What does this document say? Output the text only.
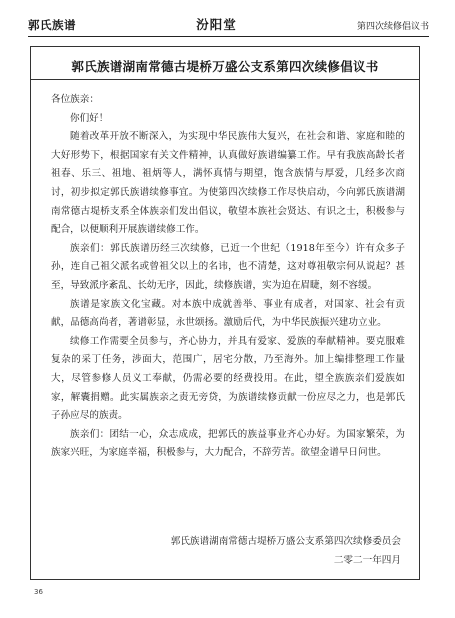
郭氏族谱	汾阳堂	第四次续修倡议书
郭氏族谱湖南常德古堤桥万盛公支系第四次续修倡议书

各位族亲：

你们好！

随着改革开放不断深入，为实现中华民族伟大复兴，在社会和谐、家庭和睦的大好形势下，根据国家有关文件精神，认真做好族谱编纂工作。早有我族高龄长者祖春、乐三、祖地、祖炳等人，满怀真情与期望，饱含族情与厚爱，几经多次商讨，初步拟定郭氏族谱续修事宜。为使第四次续修工作尽快启动，今向郭氏族谱湖南常德古堤桥支系全体族亲们发出倡议，敬望本族社会贤达、有识之士，积极参与配合，以便顺利开展族谱续修工作。

族亲们：郭氏族谱历经三次续修，已近一个世纪（1918年至今）许有众多子孙，连自己祖父派名或曾祖父以上的名讳，也不清楚，这对尊祖敬宗何从说起？甚至，导致派序紊乱、长幼无序，因此，续修族谱，实为迫在眉睫，刻不容缓。

族谱是家族文化宝藏。对本族中成就善举、事业有成者，对国家、社会有贡献，品德高尚者，著谱彰显，永世颂扬。激励后代，为中华民族振兴建功立业。

续修工作需要全员参与，齐心协力，并具有爱家、爱族的奉献精神。要克服难复杂的采丁任务，涉面大，范围广，居宅分散，乃至海外。加上编排整理工作量大，尽管参修人员义工奉献，仍需必要的经费投用。在此，望全族族亲们爱族如家，解囊捐赠。此实属族亲之责无旁贷，为族谱续修贡献一份应尽之力，也是郭氏子孙应尽的族责。

族亲们：团结一心，众志成成，把郭氏的族益事业齐心办好。为国家繁荣，为族家兴旺，为家庭幸福，积极参与，大力配合，不辞劳苦。欲望金谱早日问世。

郭氏族谱湖南常德古堤桥万盛公支系第四次续修委员会
二零二一年四月
36
